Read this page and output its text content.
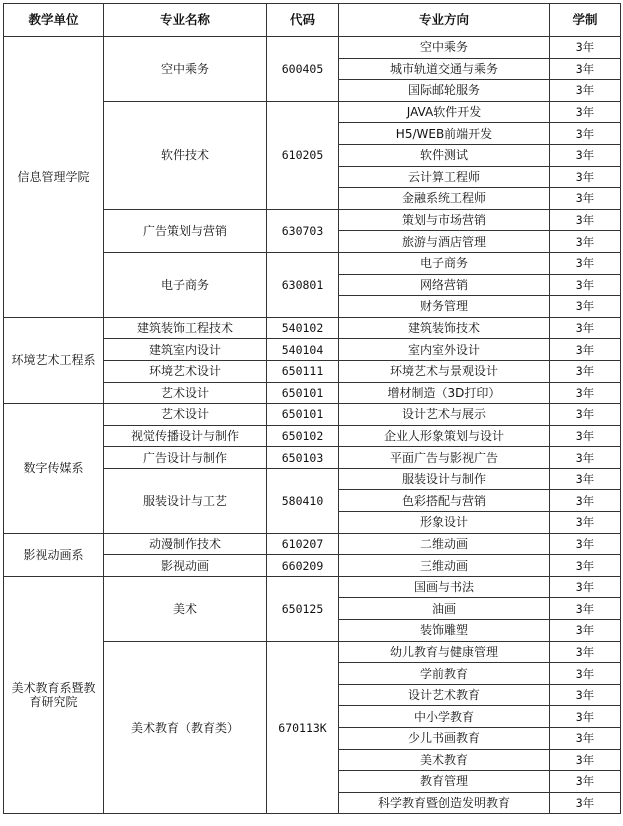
教学单位	专业名称	代码	专业方向	学制
信息管理学院	空中乘务	600405	空中乘务	3年
			城市轨道交通与乘务	3年
			国际邮轮服务	3年
	软件技术	610205	JAVA软件开发	3年
			H5/WEB前端开发	3年
			软件测试	3年
			云计算工程师	3年
			金融系统工程师	3年
	广告策划与营销	630703	策划与市场营销	3年
			旅游与酒店管理	3年
	电子商务	630801	电子商务	3年
			网络营销	3年
			财务管理	3年
环境艺术工程系	建筑装饰工程技术	540102	建筑装饰技术	3年
	建筑室内设计	540104	室内室外设计	3年
	环境艺术设计	650111	环境艺术与景观设计	3年
	艺术设计	650101	增材制造（3D打印）	3年
数字传媒系	艺术设计	650101	设计艺术与展示	3年
	视觉传播设计与制作	650102	企业人形象策划与设计	3年
	广告设计与制作	650103	平面广告与影视广告	3年
	服装设计与工艺	580410	服装设计与制作	3年
			色彩搭配与营销	3年
			形象设计	3年
影视动画系	动漫制作技术	610207	二维动画	3年
	影视动画	660209	三维动画	3年
美术教育系暨教育研究院	美术	650125	国画与书法	3年
			油画	3年
			装饰雕塑	3年
	美术教育（教育类）	670113K	幼儿教育与健康管理	3年
			学前教育	3年
			设计艺术教育	3年
			中小学教育	3年
			少儿书画教育	3年
			美术教育	3年
			教育管理	3年
			科学教育暨创造发明教育	3年
